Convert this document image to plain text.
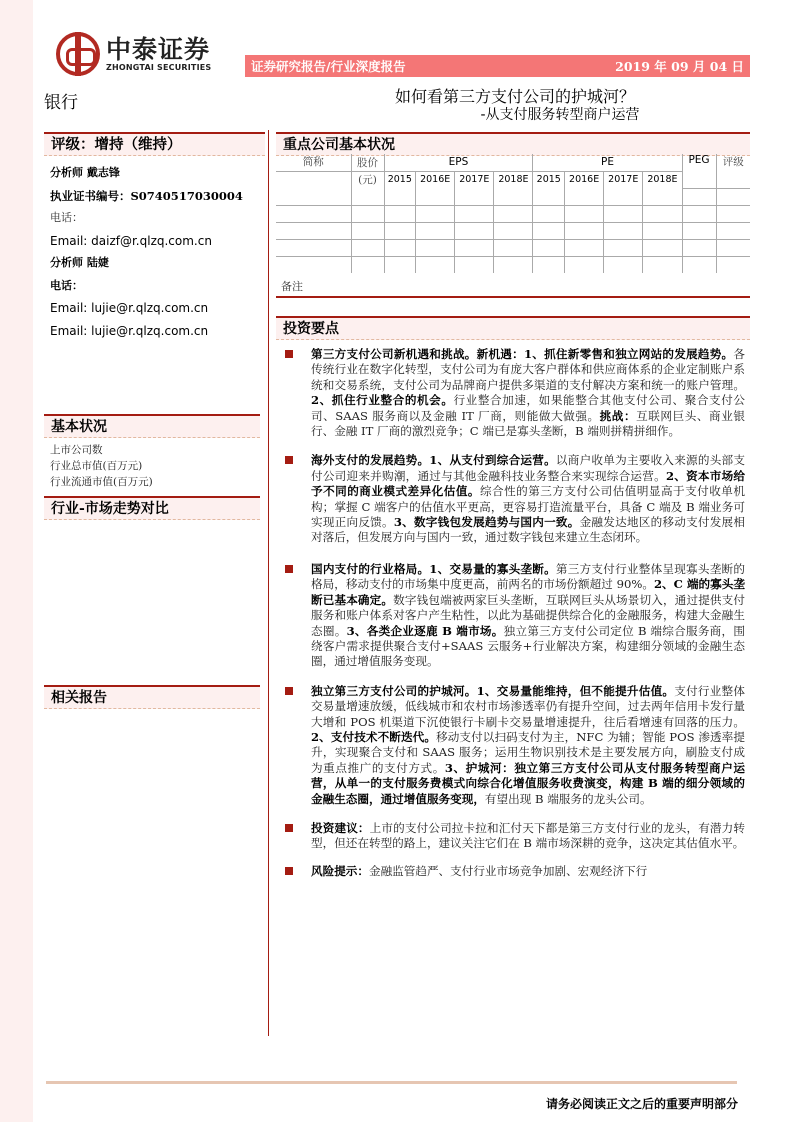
中泰证券
ZHONGTAI SECURITIES	证券研究报告/行业深度报告	2019 年 09 月 04 日
银行	如何看第三方支付公司的护城河？
-从支付服务转型商户运营
评级：增持（维持）
分析师 戴志锋
执业证书编号：S0740517030004
电话：
Email: daizf@r.qlzq.com.cn
分析师 陆婕
电话：
Email: lujie@r.qlzq.com.cn
Email: lujie@r.qlzq.com.cn
基本状况
上市公司数
行业总市值(百万元)
行业流通市值(百万元)
行业-市场走势对比
相关报告
重点公司基本状况
简称	股价	EPS				PE				PEG	评级
	(元)	2015	2016E	2017E	2018E	2015	2016E	2017E	2018E		

备注
投资要点
第三方支付公司新机遇和挑战。新机遇：1、抓住新零售和独立网站的发展趋势。各传统行业在数字化转型，支付公司为有庞大客户群体和供应商体系的企业定制账户系统和交易系统，支付公司为品牌商户提供多渠道的支付解决方案和统一的账户管理。2、抓住行业整合的机会。行业整合加速，如果能整合其他支付公司、聚合支付公司、SAAS 服务商以及金融 IT 厂商，则能做大做强。挑战：互联网巨头、商业银行、金融 IT 厂商的激烈竞争；C 端已是寡头垄断，B 端则拼精拼细作。
海外支付的发展趋势。1、从支付到综合运营。以商户收单为主要收入来源的头部支付公司迎来并购潮，通过与其他金融科技业务整合来实现综合运营。2、资本市场给予不同的商业模式差异化估值。综合性的第三方支付公司估值明显高于支付收单机构；掌握 C 端客户的估值水平更高，更容易打造流量平台，具备 C 端及 B 端业务可实现正向反馈。3、数字钱包发展趋势与国内一致。金融发达地区的移动支付发展相对落后，但发展方向与国内一致，通过数字钱包来建立生态闭环。
国内支付的行业格局。1、交易量的寡头垄断。第三方支付行业整体呈现寡头垄断的格局，移动支付的市场集中度更高，前两名的市场份额超过 90%。2、C 端的寡头垄断已基本确定。数字钱包端被两家巨头垄断，互联网巨头从场景切入，通过提供支付服务和账户体系对客户产生粘性，以此为基础提供综合化的金融服务，构建大金融生态圈。3、各类企业逐鹿 B 端市场。独立第三方支付公司定位 B 端综合服务商，围绕客户需求提供聚合支付+SAAS 云服务+行业解决方案，构建细分领域的金融生态圈，通过增值服务变现。
独立第三方支付公司的护城河。1、交易量能维持，但不能提升估值。支付行业整体交易量增速放缓，低线城市和农村市场渗透率仍有提升空间，过去两年信用卡发行量大增和 POS 机渠道下沉使银行卡刷卡交易量增速提升，往后看增速有回落的压力。2、支付技术不断迭代。移动支付以扫码支付为主，NFC 为辅；智能 POS 渗透率提升，实现聚合支付和 SAAS 服务；运用生物识别技术是主要发展方向，刷脸支付成为重点推广的支付方式。3、护城河：独立第三方支付公司从支付服务转型商户运营，从单一的支付服务费模式向综合化增值服务收费演变，构建 B 端的细分领域的金融生态圈，通过增值服务变现，有望出现 B 端服务的龙头公司。
投资建议：上市的支付公司拉卡拉和汇付天下都是第三方支付行业的龙头，有潜力转型，但还在转型的路上，建议关注它们在 B 端市场深耕的竞争，这决定其估值水平。
风险提示：金融监管趋严、支付行业市场竞争加剧、宏观经济下行
请务必阅读正文之后的重要声明部分
